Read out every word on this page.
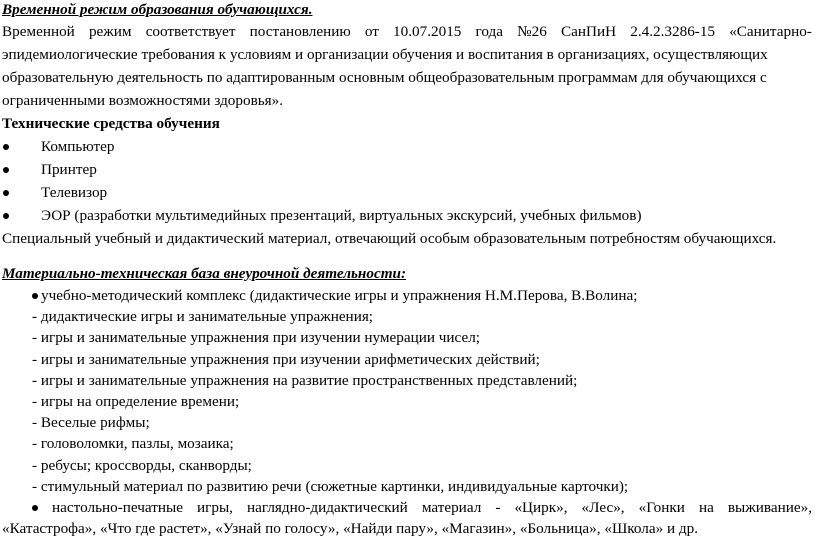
Временной режим образования обучающихся.
Временной режим соответствует постановлению от 10.07.2015 года №26 СанПиН 2.4.2.3286-15 «Санитарно-
эпидемиологические требования к условиям и организации обучения и воспитания в организациях, осуществляющих
образовательную деятельность по адаптированным основным общеобразовательным программам для обучающихся с
ограниченными возможностями здоровья».
Технические средства обучения
Компьютер
Принтер
Телевизор
ЭОР (разработки мультимедийных презентаций, виртуальных экскурсий, учебных фильмов)
Специальный учебный и дидактический материал, отвечающий особым образовательным потребностям обучающихся.
Материально-техническая база внеурочной деятельности:
учебно-методический комплекс (дидактические игры и упражнения Н.М.Перова, В.Волина;
- дидактические игры и занимательные упражнения;
- игры и занимательные упражнения при изучении нумерации чисел;
- игры и занимательные упражнения при изучении арифметических действий;
- игры и занимательные упражнения на развитие пространственных представлений;
- игры на определение времени;
- Веселые рифмы;
- головоломки, пазлы, мозаика;
- ребусы; кроссворды, сканворды;
- стимульный материал по развитию речи (сюжетные картинки, индивидуальные карточки);
настольно-печатные игры, наглядно-дидактический материал - «Цирк», «Лес», «Гонки на выживание»,
«Катастрофа», «Что где растет», «Узнай по голосу», «Найди пару», «Магазин», «Больница», «Школа» и др.
